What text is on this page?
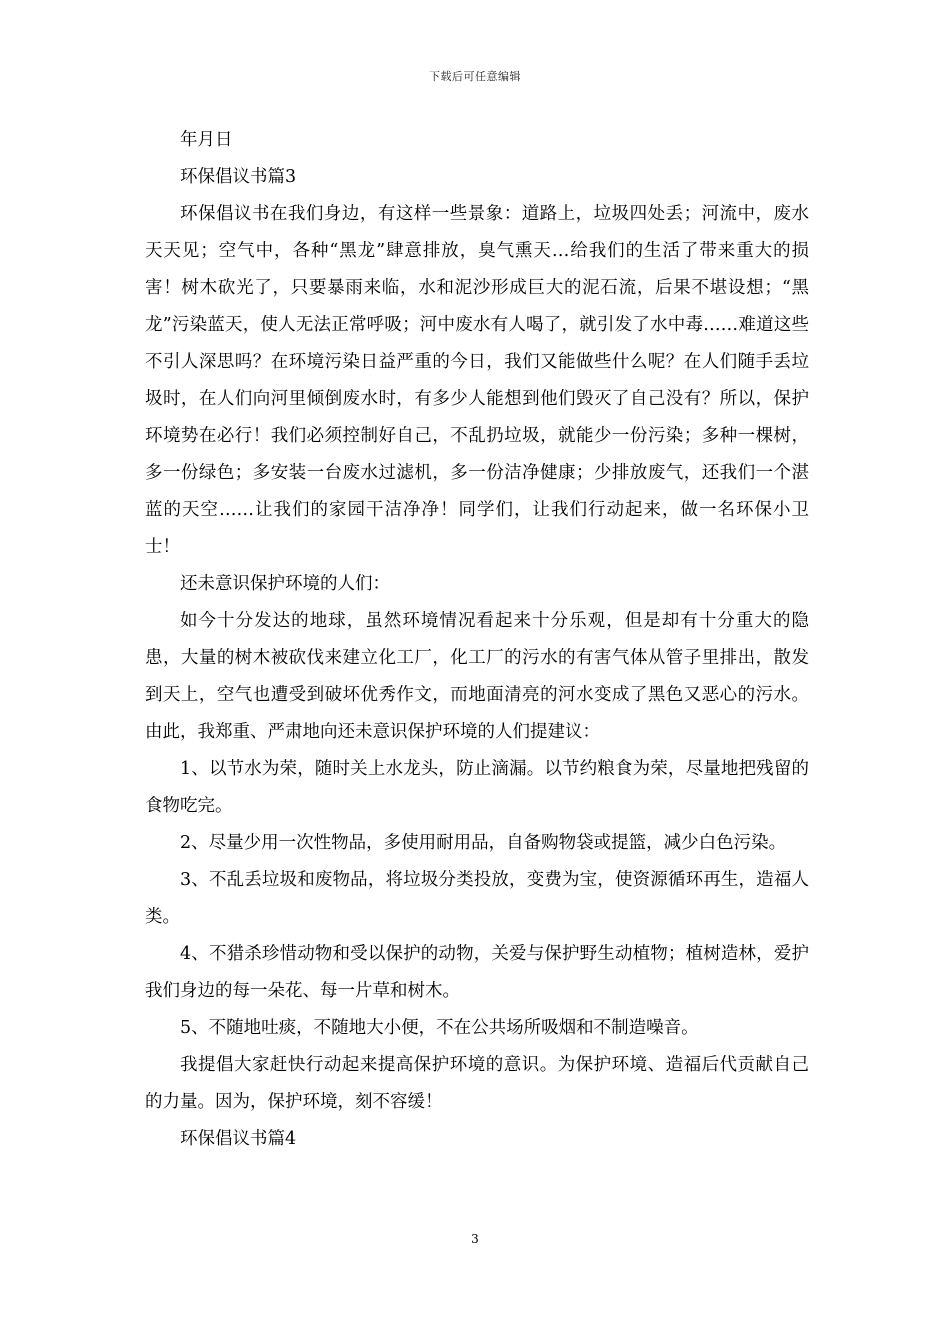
下载后可任意编辑

年月日

环保倡议书篇3

环保倡议书在我们身边，有这样一些景象：道路上，垃圾四处丢；河流中，废水天天见；空气中，各种“黑龙”肆意排放，臭气熏天…给我们的生活了带来重大的损害！树木砍光了，只要暴雨来临，水和泥沙形成巨大的泥石流，后果不堪设想；“黑龙”污染蓝天，使人无法正常呼吸；河中废水有人喝了，就引发了水中毒……难道这些不引人深思吗？在环境污染日益严重的今日，我们又能做些什么呢？在人们随手丢垃圾时，在人们向河里倾倒废水时，有多少人能想到他们毁灭了自己没有？所以，保护环境势在必行！我们必须控制好自己，不乱扔垃圾，就能少一份污染；多种一棵树，多一份绿色；多安装一台废水过滤机，多一份洁净健康；少排放废气，还我们一个湛蓝的天空……让我们的家园干洁净净！同学们，让我们行动起来，做一名环保小卫士！

还未意识保护环境的人们：

如今十分发达的地球，虽然环境情况看起来十分乐观，但是却有十分重大的隐患，大量的树木被砍伐来建立化工厂，化工厂的污水的有害气体从管子里排出，散发到天上，空气也遭受到破坏优秀作文，而地面清亮的河水变成了黑色又恶心的污水。由此，我郑重、严肃地向还未意识保护环境的人们提建议：

1、以节水为荣，随时关上水龙头，防止滴漏。以节约粮食为荣，尽量地把残留的食物吃完。

2、尽量少用一次性物品，多使用耐用品，自备购物袋或提篮，减少白色污染。

3、不乱丢垃圾和废物品，将垃圾分类投放，变费为宝，使资源循环再生，造福人类。

4、不猎杀珍惜动物和受以保护的动物，关爱与保护野生动植物；植树造林，爱护我们身边的每一朵花、每一片草和树木。

5、不随地吐痰，不随地大小便，不在公共场所吸烟和不制造噪音。

我提倡大家赶快行动起来提高保护环境的意识。为保护环境、造福后代贡献自己的力量。因为，保护环境，刻不容缓！

环保倡议书篇4

3
